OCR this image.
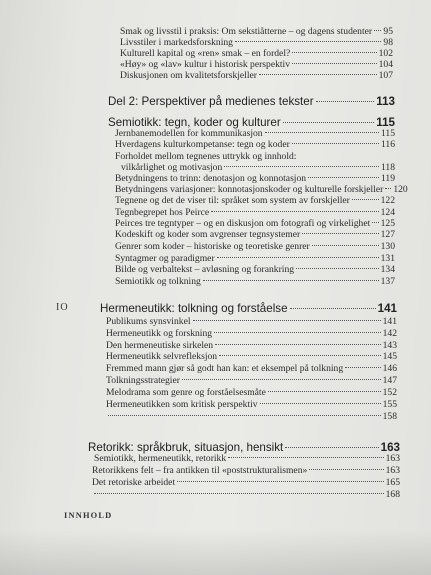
Smak og livsstil i praksis: Om sekstiåtterne – og dagens studenter 95
Livsstiler i markedsforskning	98
Kulturell kapital og «ren» smak – en fordel?	102
«Høy» og «lav» kultur i historisk perspektiv	104
Diskusjonen om kvalitetsforskjeller	107
Del 2: Perspektiver på medienes tekster	113
Semiotikk: tegn, koder og kulturer	115
Jernbanemodellen for kommunikasjon	115
Hverdagens kulturkompetanse: tegn og koder	116
Forholdet mellom tegnenes uttrykk og innhold:
vilkårlighet og motivasjon	118
Betydningens to trinn: denotasjon og konnotasjon	119
Betydningens variasjoner: konnotasjonskoder og kulturelle forskjeller 120
Tegnene og det de viser til: språket som system av forskjeller	122
Tegnbegrepet hos Peirce	124
Peirces tre tegntyper – og en diskusjon om fotografi og virkelighet 125
Kodeskift og koder som avgrenser tegnsystemer	127
Genrer som koder – historiske og teoretiske genrer	130
Syntagmer og paradigmer	131
Bilde og verbaltekst – avløsning og forankring	134
Semiotikk og tolkning	137
IO	Hermeneutikk: tolkning og forståelse	141
Publikums synsvinkel	141
Hermeneutikk og forskning	142
Den hermeneutiske sirkelen	143
Hermeneutikk selvrefleksjon	145
Fremmed mann gjør så godt han kan: et eksempel på tolkning	146
Tolkningsstrategier	147
Melodrama som genre og forståelsesmåte	152
Hermeneutikken som kritisk perspektiv	155
158
Retorikk: språkbruk, situasjon, hensikt	163
Semiotikk, hermeneutikk, retorikk	163
Retorikkens felt – fra antikken til «poststrukturalismen»	163
Det retoriske arbeidet	165
168
INNHOLD
